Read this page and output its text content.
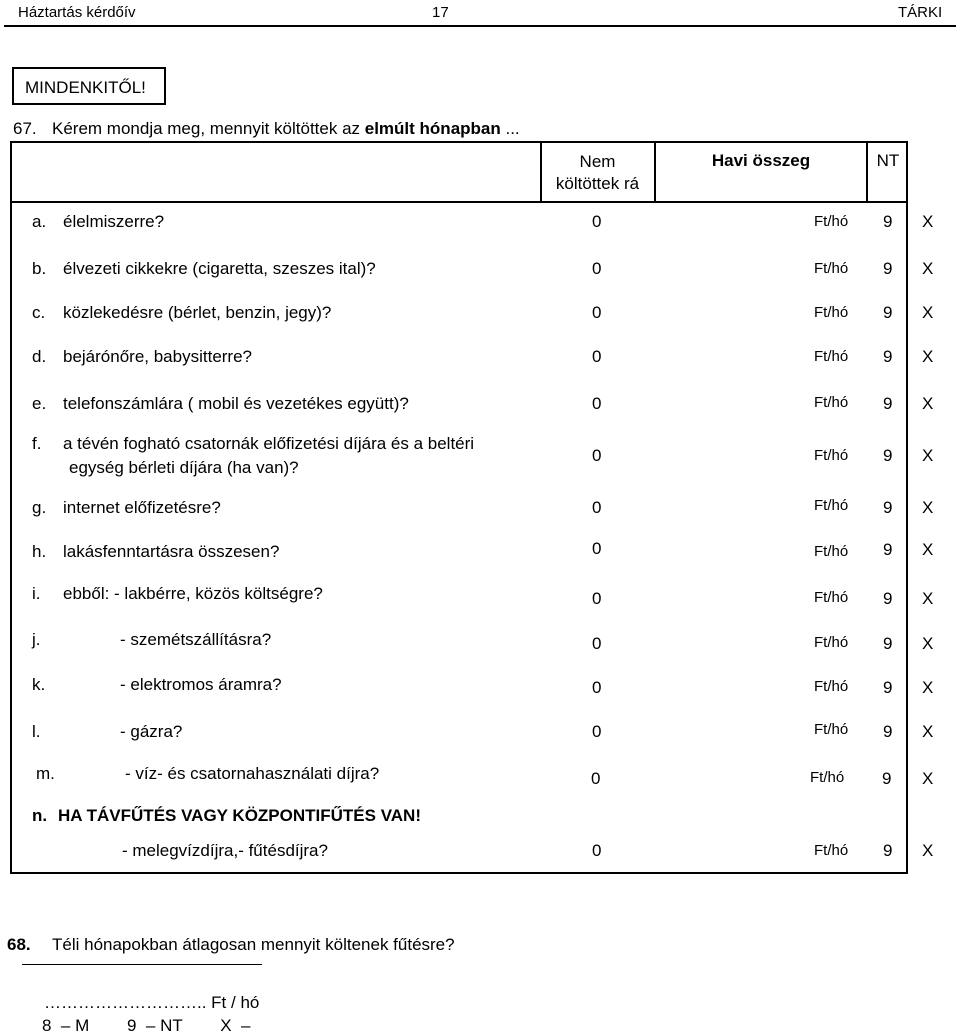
Háztartás kérdőív	17	TÁRKI
MINDENKITŐL!
67. Kérem mondja meg, mennyit költöttek az elmúlt hónapban ...
Nem
költöttek rá
Havi összeg	NT
a. élelmiszerre?	0	Ft/hó 9 X
b. élvezeti cikkekre (cigaretta, szeszes ital)?	0	Ft/hó 9 X
c. közlekedésre (bérlet, benzin, jegy)?	0	Ft/hó 9 X
d. bejárónőre, babysitterre?	0	Ft/hó 9 X
e. telefonszámlára ( mobil és vezetékes együtt)?	0	Ft/hó 9 X
f. a tévén fogható csatornák előfizetési díjára és a beltéri
egység bérleti díjára (ha van)?
0	Ft/hó 9 X
g. internet előfizetésre?	0	Ft/hó 9 X
h. lakásfenntartásra összesen?	0	Ft/hó 9 X
i. ebből: - lakbérre, közös költségre?	0	Ft/hó 9 X
j.	- szemétszállításra?	0	Ft/hó 9 X
k.	- elektromos áramra?	0	Ft/hó 9 X
l.	- gázra?	0	Ft/hó 9 X
m.	- víz- és csatornahasználati díjra?	0	Ft/hó 9 X
n. HA TÁVFŰTÉS VAGY KÖZPONTIFŰTÉS VAN!
- melegvízdíjra,- fűtésdíjra?	0	Ft/hó 9 X
68. Téli hónapokban átlagosan mennyit költenek fűtésre?
……………………….. Ft / hó
8  – M        9  – NT        X  –
